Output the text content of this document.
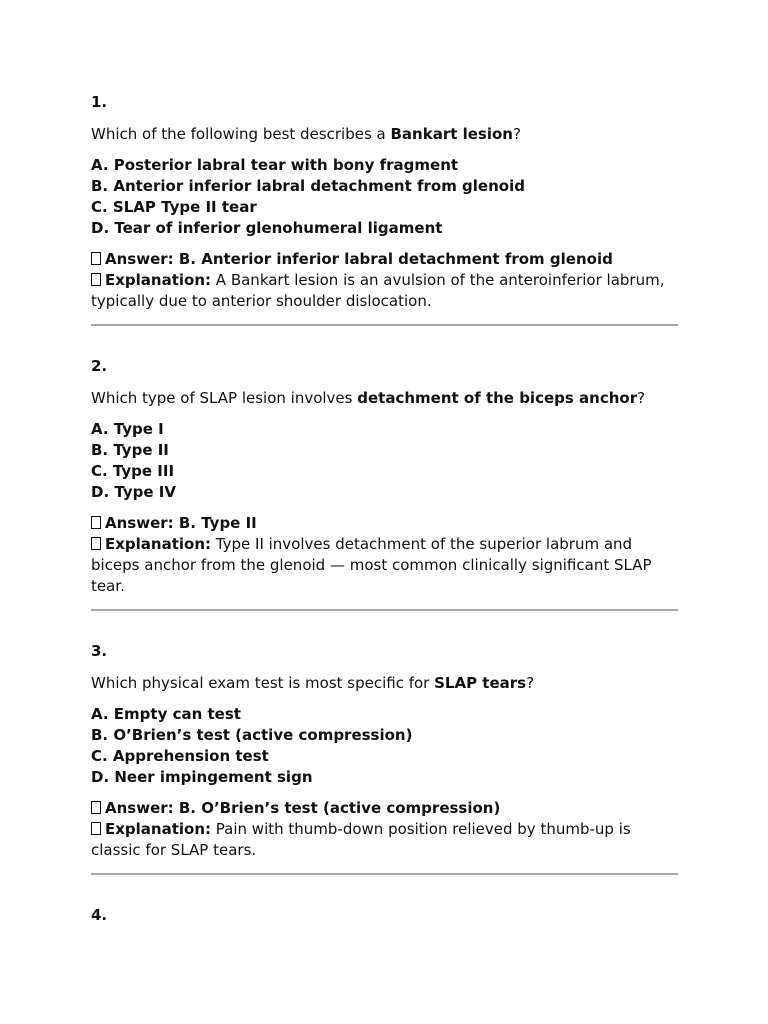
1.
Which of the following best describes a Bankart lesion?
A. Posterior labral tear with bony fragment
B. Anterior inferior labral detachment from glenoid
C. SLAP Type II tear
D. Tear of inferior glenohumeral ligament
Answer: B. Anterior inferior labral detachment from glenoid
Explanation: A Bankart lesion is an avulsion of the anteroinferior labrum, typically due to anterior shoulder dislocation.
2.
Which type of SLAP lesion involves detachment of the biceps anchor?
A. Type I
B. Type II
C. Type III
D. Type IV
Answer: B. Type II
Explanation: Type II involves detachment of the superior labrum and biceps anchor from the glenoid — most common clinically significant SLAP tear.
3.
Which physical exam test is most specific for SLAP tears?
A. Empty can test
B. O’Brien’s test (active compression)
C. Apprehension test
D. Neer impingement sign
Answer: B. O’Brien’s test (active compression)
Explanation: Pain with thumb-down position relieved by thumb-up is classic for SLAP tears.
4.
